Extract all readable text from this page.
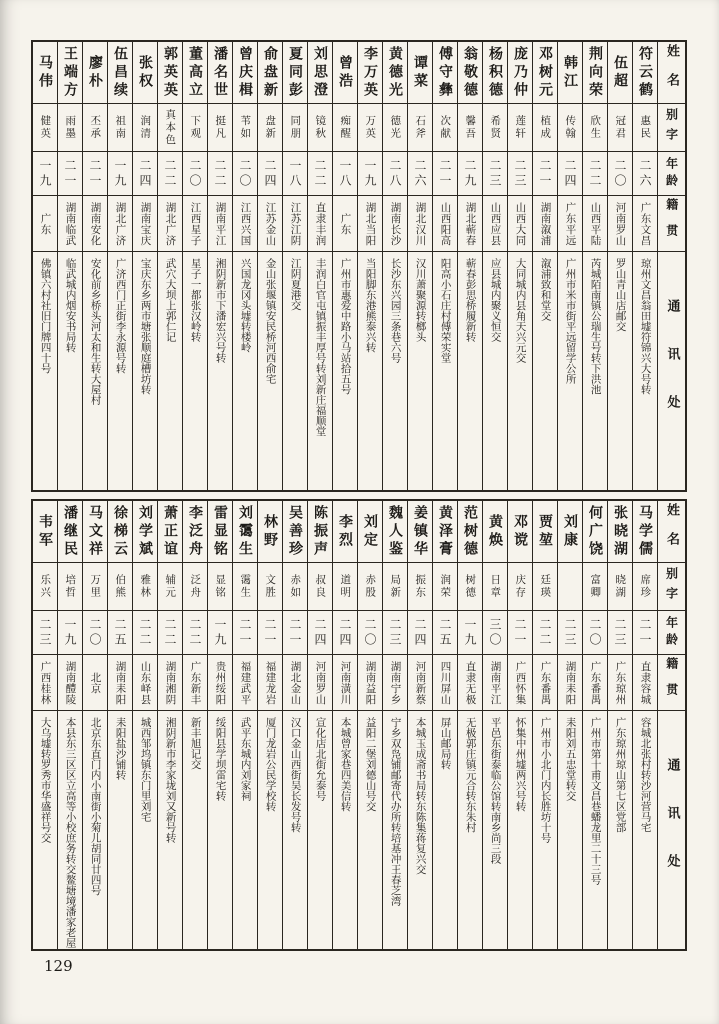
姓名
别字
年龄
籍贯
通讯处
符云鹤
惠民
二六
广东文昌
琼州文昌翁田墟符锦兴大号转
伍超
冠君
二〇
河南罗山
罗山青山店邮交
荆向荣
欣生
二二
山西平陆
芮城陌南镇公瑞生号转下洪池
韩江
传翰
二四
广东平远
广州市米市街平远留学公所
邓树元
植成
二一
湖南溆浦
溆浦致和堂交
庞乃仲
莲轩
二三
山西大同
大同城内县角天兴元交
杨积德
希贤
二三
山西应县
应县城内聚义恒交
翁敬德
馨吾
二九
湖北蕲春
蕲春彭思桥履新转
傅守彝
次献
二一
山西阳高
阳高小石庄村傅荣实堂
谭菜
石斧
二六
湖北汉川
汉川萧聚源转榔头
黄德光
德光
二八
湖南长沙
长沙东兴园三条巷六号
李万英
万英
一九
湖北当阳
当阳脚东港熊泰兴转
曾浩
痴醒
一八
广东
广州市惠爱中路小马站拾五号
刘思澄
镜秋
二二
直隶丰润
丰润白官屯镇振丰厚号转刘新庄福顺堂
夏同彭
同朋
一八
江苏江阴
江阴夏港交
俞盘新
盘新
二四
江苏金山
金山张堰镇安民桥河西俞宅
曾庆楫
苇如
二〇
江西兴国
兴国龙冈头墟转楼岭
潘名世
挺凡
二二
湖南平江
湘阴新市下潘宏兴号转
董高立
下观
二〇
江西星子
星子一都张汉岭转
郭英英
真本色
二二
湖北广济
武穴大坝上郭仁记
张权
润清
二四
湖南宝庆
宝庆东乡两市塘张顺庭槽坊转
伍昌续
祖南
一九
湖北广济
广济西门正街李永源号转
廖朴
丕承
二一
湖南安化
安化前乡桥头河太和生转大屋村
王端方
雨墨
二一
湖南临武
临武城内烟安书局转
马伟
健英
一九
广东
佛镇六村社旧门牌四十号
姓名
别字
年龄
籍贯
通讯处
马学儒
席珍
二一
直隶容城
容城北张村转沙河营马宅
张晓湖
晓湖
二三
广东琼州
广东琼州琼山第七区党部
何广饶
富卿
二〇
广东番禺
广州市第十甫文昌巷蟠龙里二十三号
刘康
二三
湖南耒阳
耒阳刘五忠堂转交
贾堃
廷瑛
二二
广东番禺
广州市小北门内长胜坊十号
邓谠
庆存
二一
广西怀集
怀集中州墟两兴号转
黄焕
日章
三〇
湖南平江
平邑东街泰临公馆转南乡尚三段
范树德
树德
一九
直隶无极
无极郭庄镇元合转东朱村
黄泽膏
润荣
二五
四川屏山
屏山邮局转
姜镇华
振东
二四
河南新蔡
本城玉成斋书局转东陈集蒋复兴交
魏人鉴
局新
二三
湖南宁乡
宁乡双凫铺邮寄代办所转培基冲王春芝湾
刘定
赤殷
二〇
湖南益阳
益阳二堡刘德山号交
李烈
道明
二四
河南潢川
本城曾家巷四美信转
陈振声
叔良
二四
河南罗山
宣化店北街允泰号
吴善珍
赤如
二一
湖北金山
汉口金山西街吴长发号转
林野
文胜
二一
福建龙岩
厦门龙岩公民学校转
刘霭生
霭生
二一
福建武平
武平东城内刘家祠
雷显铭
显铭
一九
贵州绥阳
绥阳县学坝雷宅转
李泛舟
泛舟
二二
广东新丰
新丰旭记交
萧正谊
辅元
二二
湖南湘阴
湘阴新市李家垅刘又新号转
刘学斌
雅林
二二
山东峄县
城西邹坞镇东门里刘宅
徐梯云
伯熊
二五
湖南耒阳
耒阳盐沙铺转
马文祥
万里
二〇
北京
北京东直门内小南街小菊儿胡同廿四号
潘继民
培哲
一九
湖南醴陵
本县东三区区立高等小校庶务转交鳌塘境潘家老屋
韦军
乐兴
二三
广西桂林
大乌墟转罗秀市华盛祥号交
129
